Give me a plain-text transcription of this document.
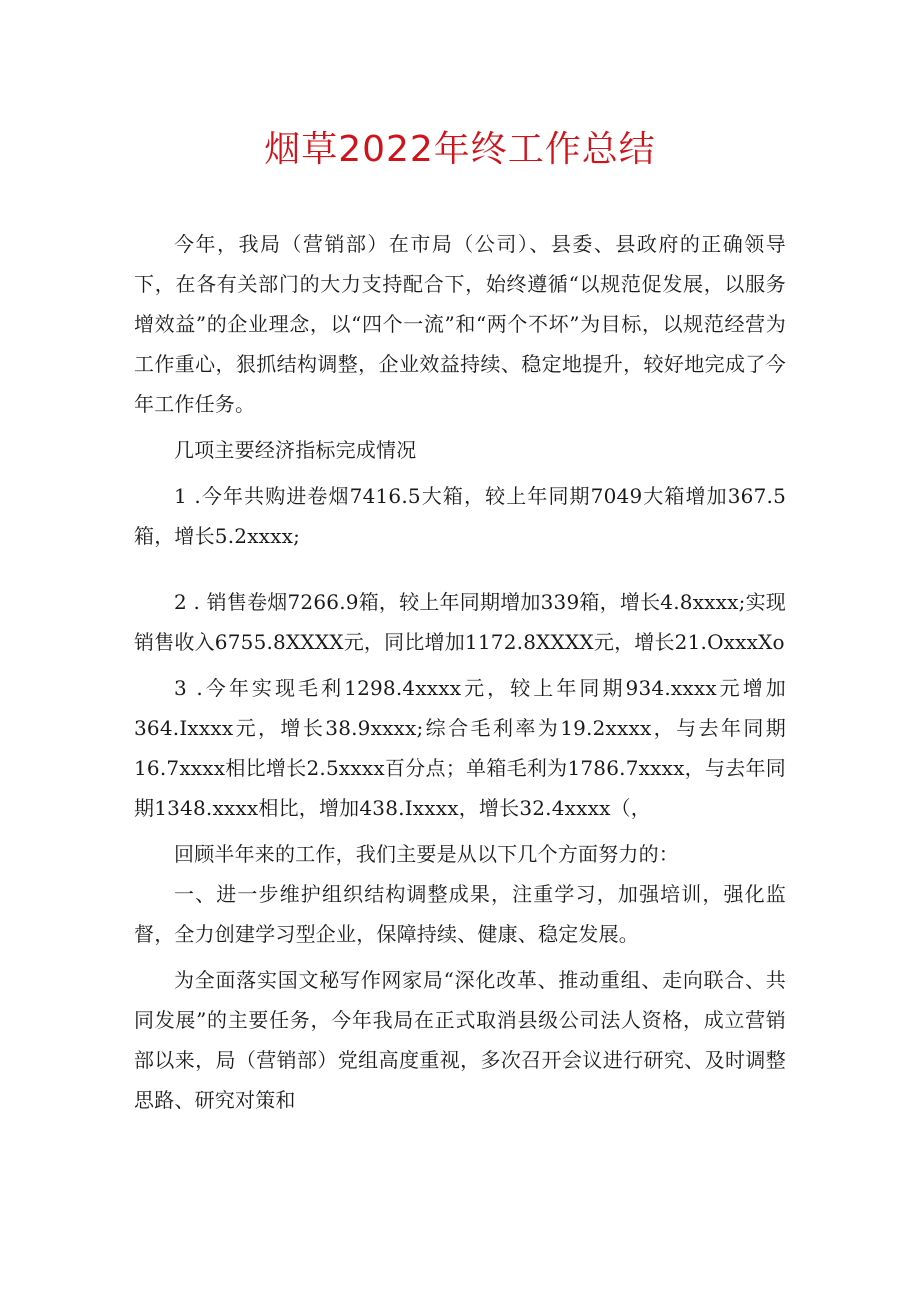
烟草2022年终工作总结

今年，我局（营销部）在市局（公司）、县委、县政府的正确领导下，在各有关部门的大力支持配合下，始终遵循“以规范促发展，以服务增效益”的企业理念，以“四个一流”和“两个不坏”为目标，以规范经营为工作重心，狠抓结构调整，企业效益持续、稳定地提升，较好地完成了今年工作任务。

几项主要经济指标完成情况

1 .今年共购进卷烟7416.5大箱，较上年同期7049大箱增加367.5箱，增长5.2xxxx;

2 . 销售卷烟7266.9箱，较上年同期增加339箱，增长4.8xxxx;实现销售收入6755.8XXXX元，同比增加1172.8XXXX元，增长21.OxxxXo

3 .今年实现毛利1298.4xxxx元，较上年同期934.xxxx元增加364.Ixxxx元，增长38.9xxxx;综合毛利率为19.2xxxx，与去年同期16.7xxxx相比增长2.5xxxx百分点；单箱毛利为1786.7xxxx，与去年同期1348.xxxx相比，增加438.Ixxxx，增长32.4xxxx（，

回顾半年来的工作，我们主要是从以下几个方面努力的：

一、进一步维护组织结构调整成果，注重学习，加强培训，强化监督，全力创建学习型企业，保障持续、健康、稳定发展。

为全面落实国文秘写作网家局“深化改革、推动重组、走向联合、共同发展”的主要任务，今年我局在正式取消县级公司法人资格，成立营销部以来，局（营销部）党组高度重视，多次召开会议进行研究、及时调整思路、研究对策和
